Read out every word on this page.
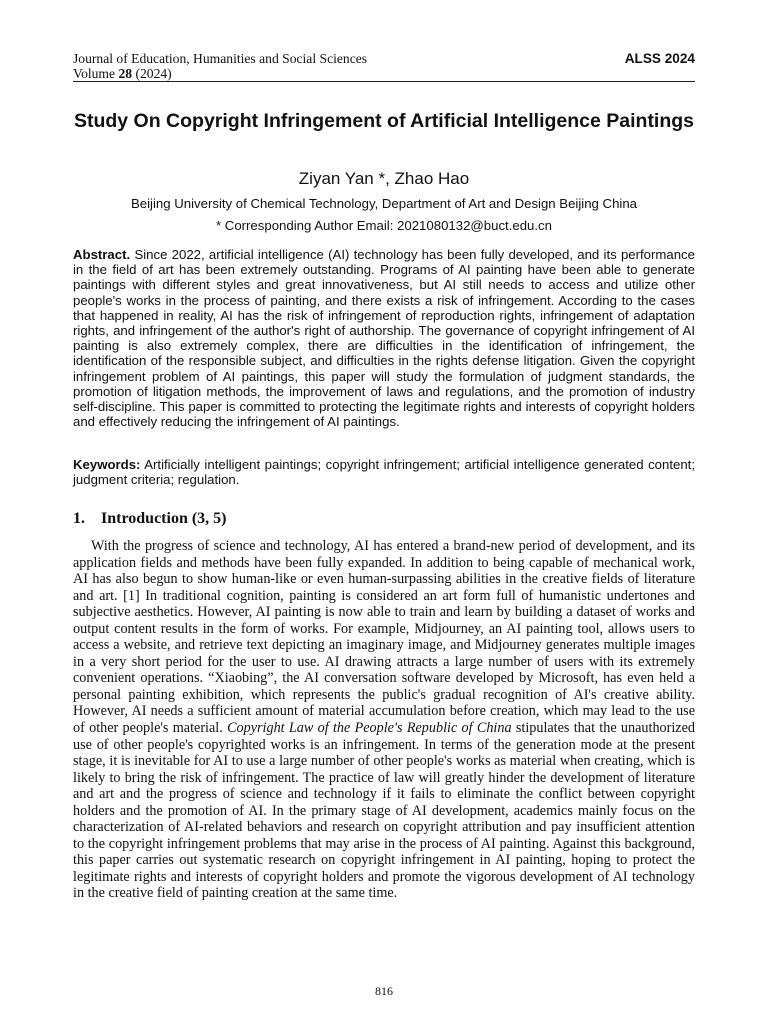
Journal of Education, Humanities and Social Sciences	ALSS 2024
Volume 28 (2024)
Study On Copyright Infringement of Artificial Intelligence Paintings
Ziyan Yan *, Zhao Hao
Beijing University of Chemical Technology, Department of Art and Design Beijing China
* Corresponding Author Email: 2021080132@buct.edu.cn
Abstract. Since 2022, artificial intelligence (AI) technology has been fully developed, and its performance in the field of art has been extremely outstanding. Programs of AI painting have been able to generate paintings with different styles and great innovativeness, but AI still needs to access and utilize other people's works in the process of painting, and there exists a risk of infringement. According to the cases that happened in reality, AI has the risk of infringement of reproduction rights, infringement of adaptation rights, and infringement of the author's right of authorship. The governance of copyright infringement of AI painting is also extremely complex, there are difficulties in the identification of infringement, the identification of the responsible subject, and difficulties in the rights defense litigation. Given the copyright infringement problem of AI paintings, this paper will study the formulation of judgment standards, the promotion of litigation methods, the improvement of laws and regulations, and the promotion of industry self-discipline. This paper is committed to protecting the legitimate rights and interests of copyright holders and effectively reducing the infringement of AI paintings.
Keywords: Artificially intelligent paintings; copyright infringement; artificial intelligence generated content; judgment criteria; regulation.
1. Introduction (3, 5)
With the progress of science and technology, AI has entered a brand-new period of development, and its application fields and methods have been fully expanded. In addition to being capable of mechanical work, AI has also begun to show human-like or even human-surpassing abilities in the creative fields of literature and art. [1] In traditional cognition, painting is considered an art form full of humanistic undertones and subjective aesthetics. However, AI painting is now able to train and learn by building a dataset of works and output content results in the form of works. For example, Midjourney, an AI painting tool, allows users to access a website, and retrieve text depicting an imaginary image, and Midjourney generates multiple images in a very short period for the user to use. AI drawing attracts a large number of users with its extremely convenient operations. “Xiaobing”, the AI conversation software developed by Microsoft, has even held a personal painting exhibition, which represents the public's gradual recognition of AI's creative ability. However, AI needs a sufficient amount of material accumulation before creation, which may lead to the use of other people's material. Copyright Law of the People's Republic of China stipulates that the unauthorized use of other people's copyrighted works is an infringement. In terms of the generation mode at the present stage, it is inevitable for AI to use a large number of other people's works as material when creating, which is likely to bring the risk of infringement. The practice of law will greatly hinder the development of literature and art and the progress of science and technology if it fails to eliminate the conflict between copyright holders and the promotion of AI. In the primary stage of AI development, academics mainly focus on the characterization of AI-related behaviors and research on copyright attribution and pay insufficient attention to the copyright infringement problems that may arise in the process of AI painting. Against this background, this paper carries out systematic research on copyright infringement in AI painting, hoping to protect the legitimate rights and interests of copyright holders and promote the vigorous development of AI technology in the creative field of painting creation at the same time.
816
